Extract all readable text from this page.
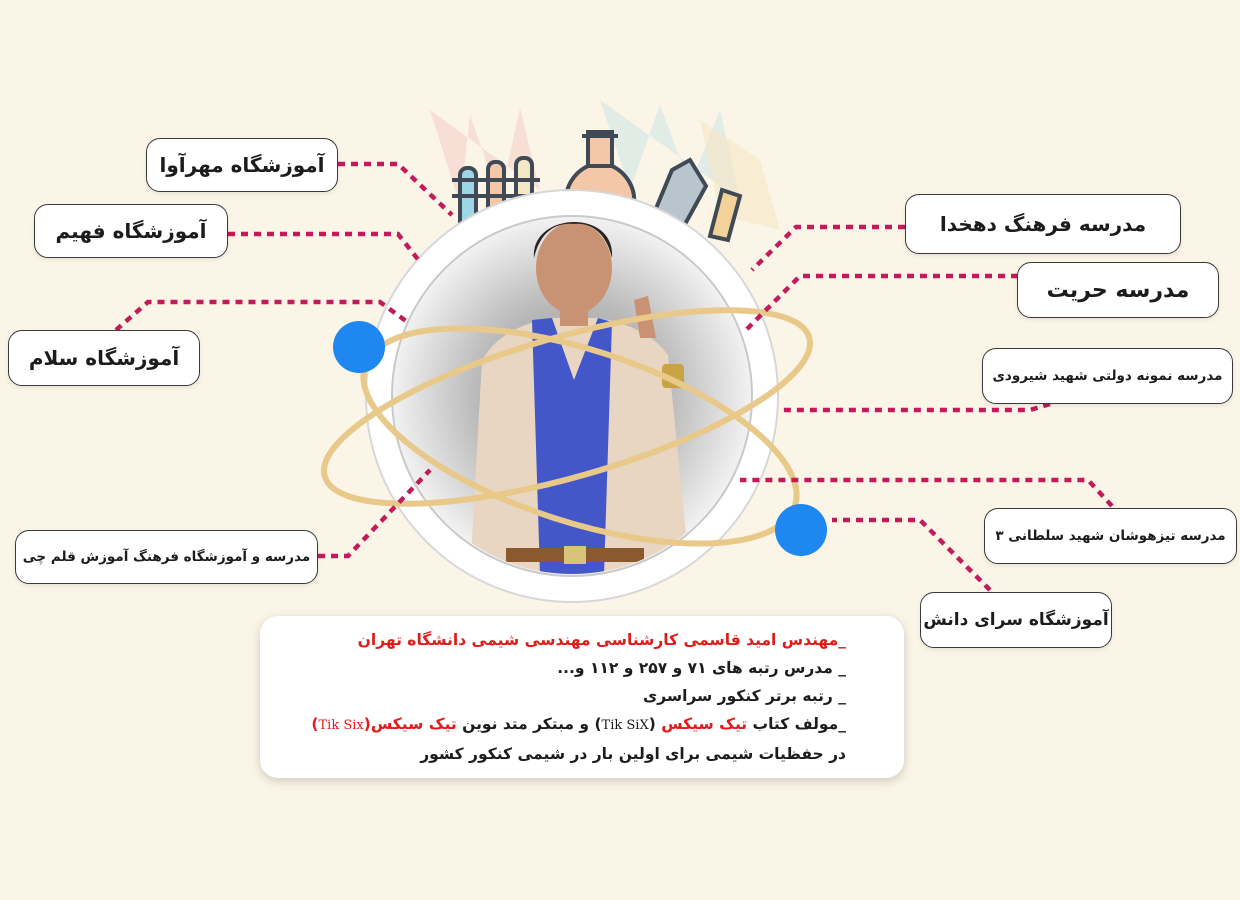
آموزشگاه مهرآوا
آموزشگاه فهیم
آموزشگاه سلام
مدرسه و آموزشگاه فرهنگ آموزش قلم چی
مدرسه فرهنگ دهخدا
مدرسه حریت
مدرسه نمونه دولتی شهید شیرودی
مدرسه تیزهوشان شهید سلطانی ۳
آموزشگاه سرای دانش
_مهندس امید قاسمی کارشناسی مهندسی شیمی دانشگاه تهران
_ مدرس رتبه های ۷۱ و ۲۵۷ و ۱۱۲ و...
_ رتبه برتر کنکور سراسری
_مولف کتاب تیک سیکس (Tik SiX) و مبتکر متد نوین تیک سیکس(Tik Six)
در حفظیات شیمی برای اولین بار در شیمی کنکور کشور
